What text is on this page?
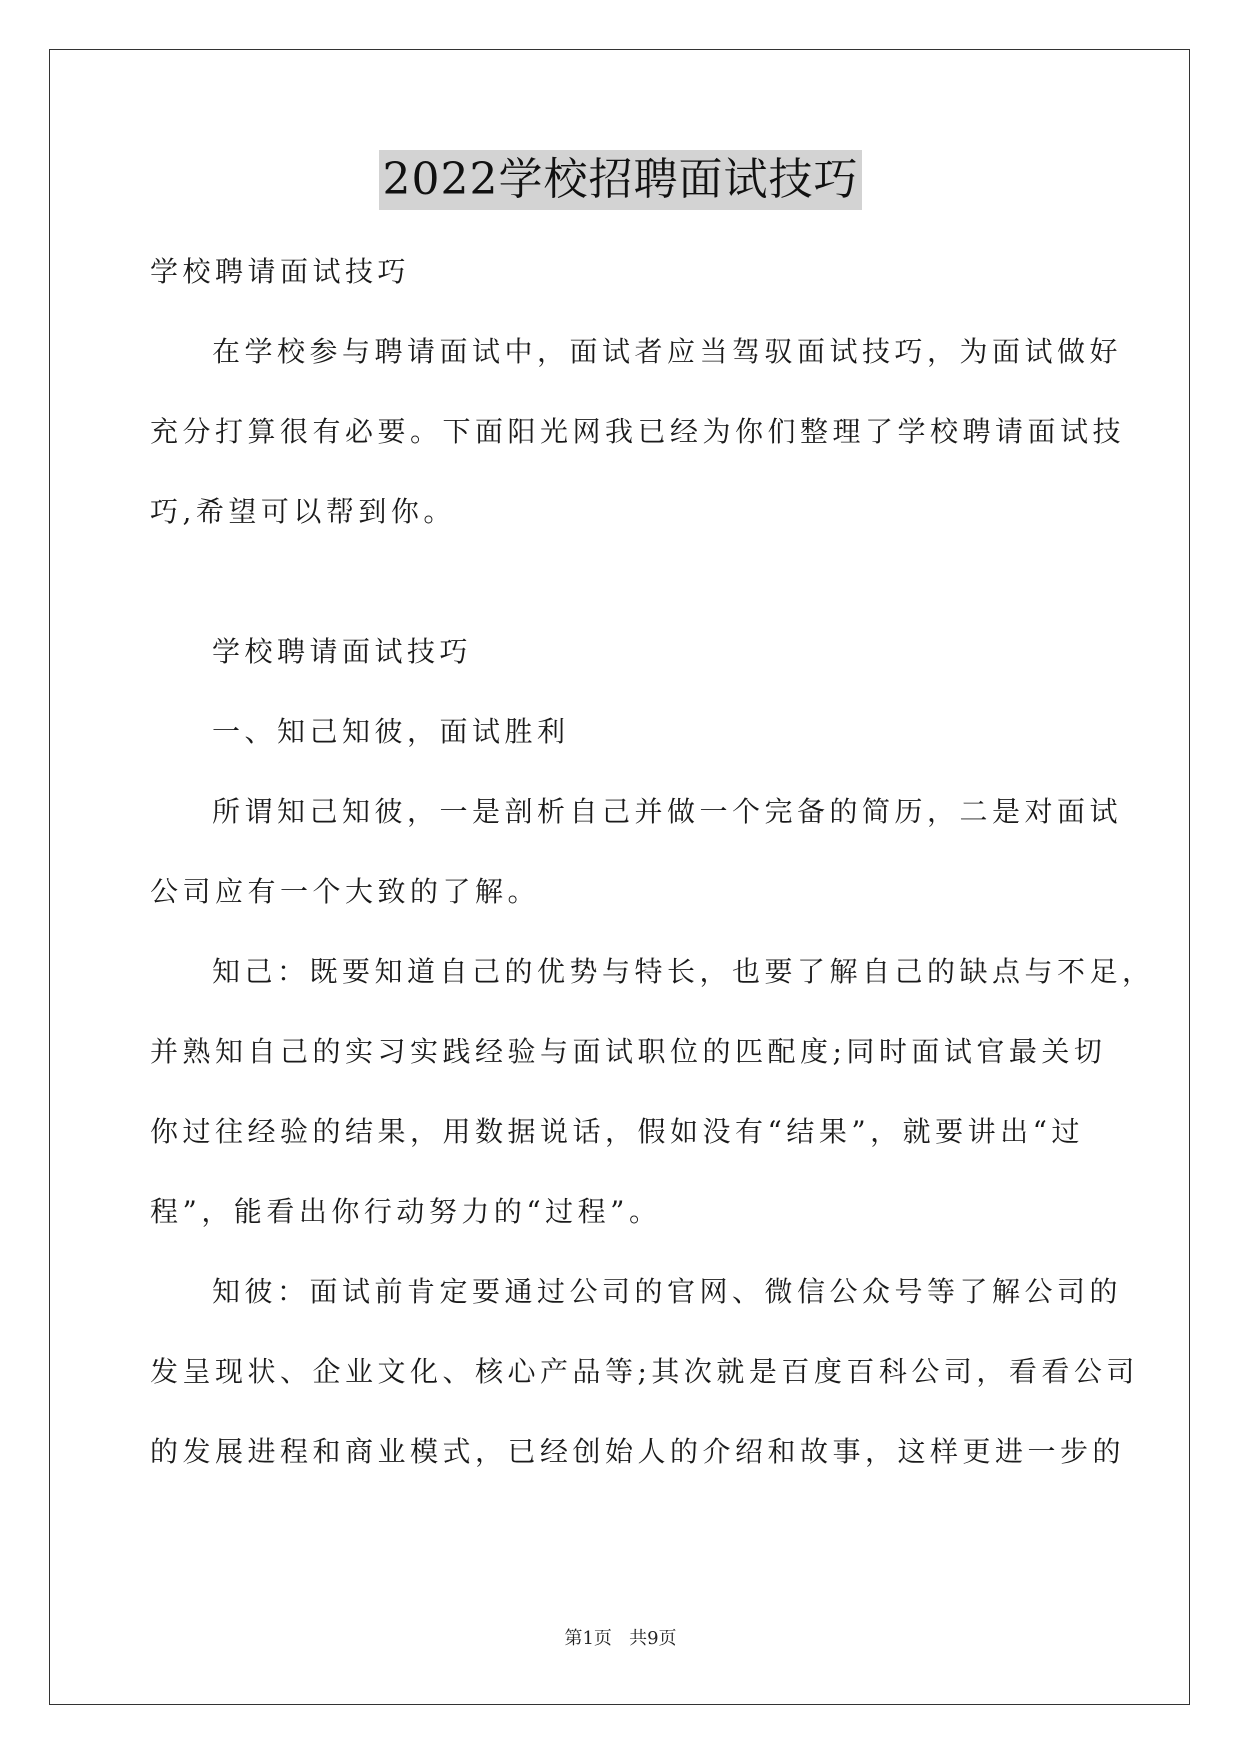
2022学校招聘面试技巧

学校聘请面试技巧

在学校参与聘请面试中，面试者应当驾驭面试技巧，为面试做好

充分打算很有必要。下面阳光网我已经为你们整理了学校聘请面试技

巧,希望可以帮到你。

学校聘请面试技巧

一、知己知彼，面试胜利

所谓知己知彼，一是剖析自己并做一个完备的简历，二是对面试

公司应有一个大致的了解。

知己：既要知道自己的优势与特长，也要了解自己的缺点与不足，

并熟知自己的实习实践经验与面试职位的匹配度;同时面试官最关切

你过往经验的结果，用数据说话，假如没有“结果”，就要讲出“过

程”，能看出你行动努力的“过程”。

知彼：面试前肯定要通过公司的官网、微信公众号等了解公司的

发呈现状、企业文化、核心产品等;其次就是百度百科公司，看看公司

的发展进程和商业模式，已经创始人的介绍和故事，这样更进一步的

第1页   共9页
